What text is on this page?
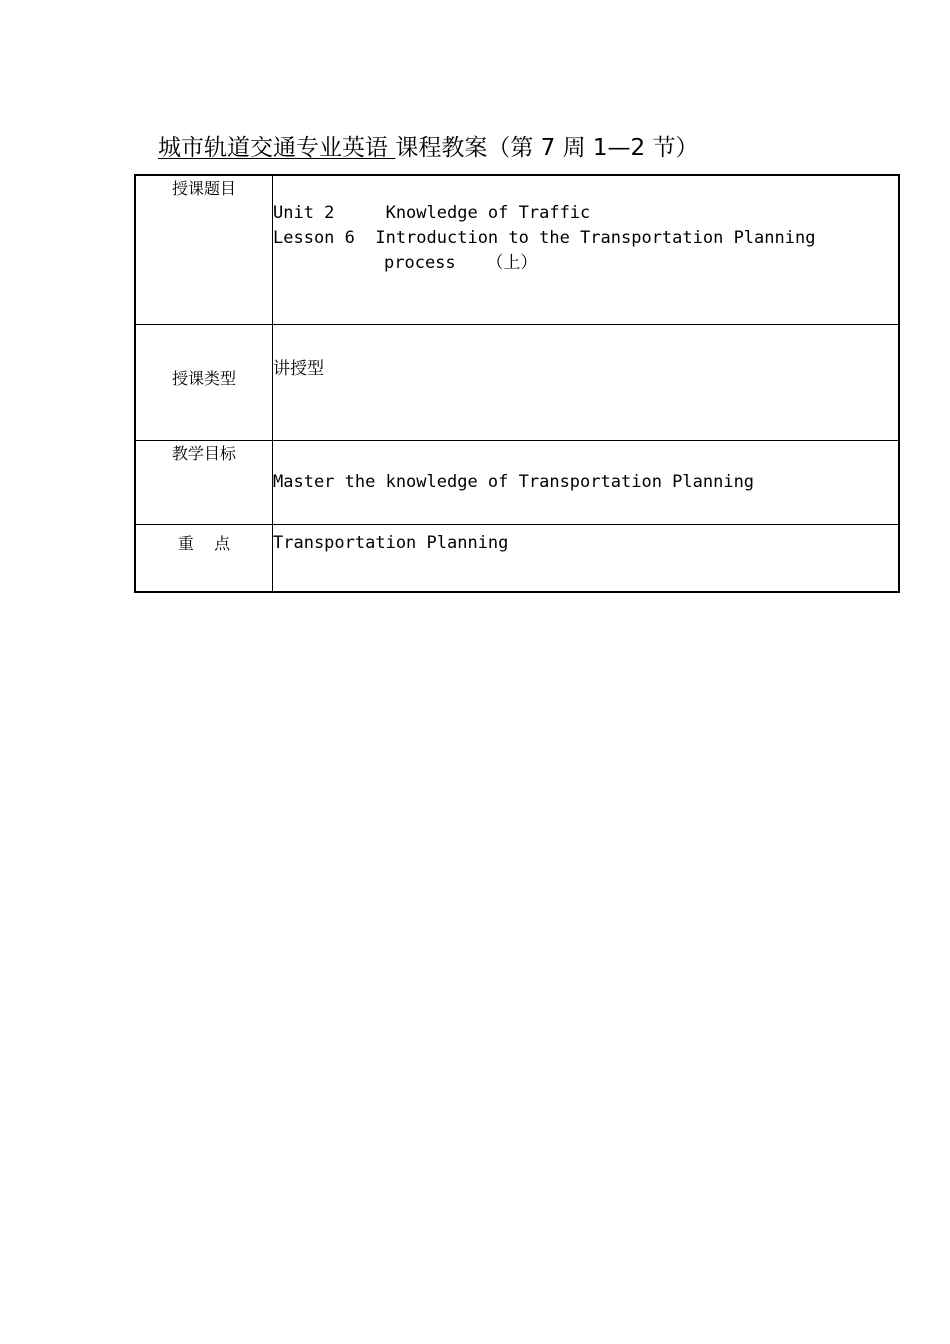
城市轨道交通专业英语 课程教案（第 7 周 1—2 节）
授课题目	Unit 2     Knowledge of Traffic
Lesson 6  Introduction to the Transportation Planning
process   （上）

授课类型	讲授型

教学目标	Master the knowledge of Transportation Planning

重    点	Transportation Planning
